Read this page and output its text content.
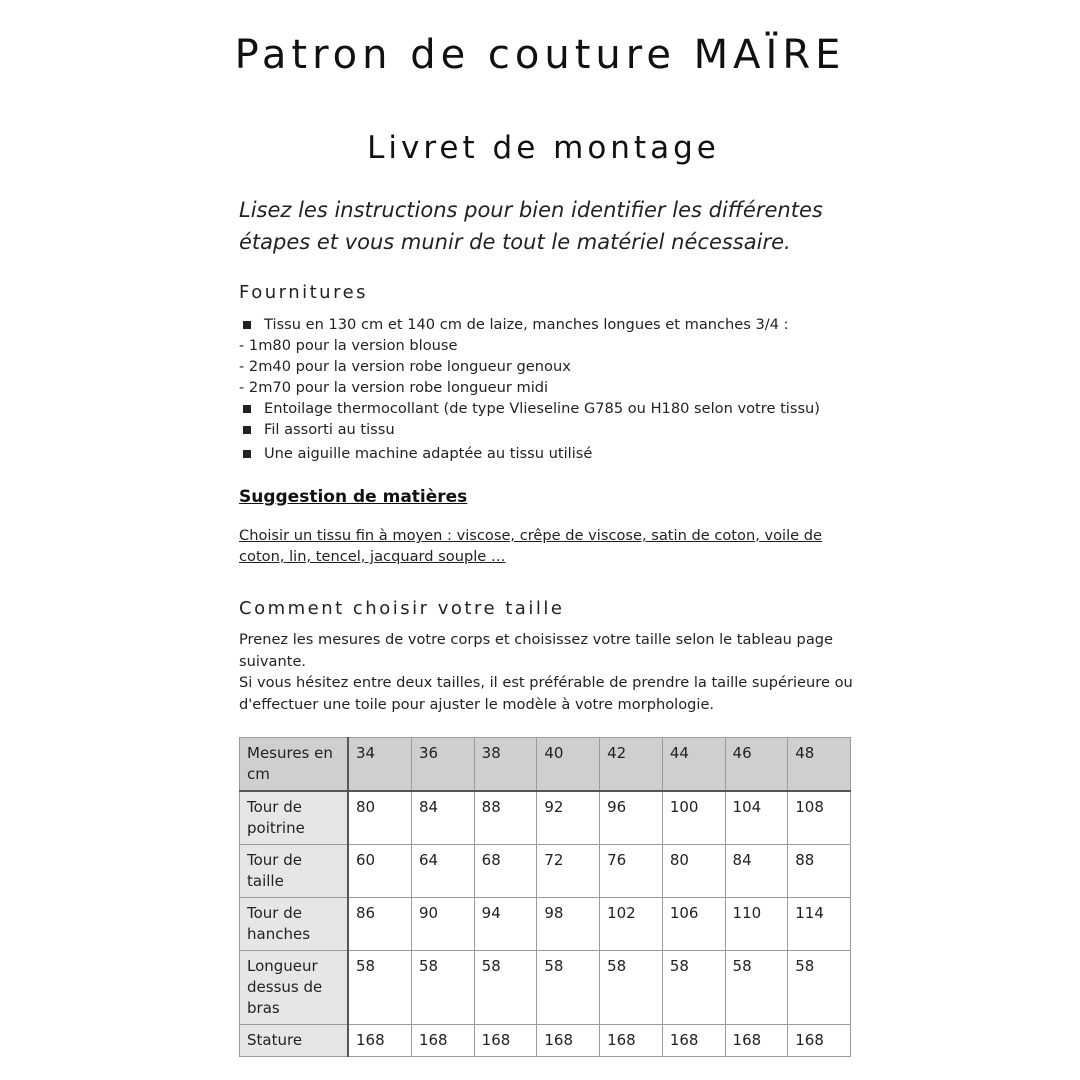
Patron de couture MAÏRE
Livret de montage
Lisez les instructions pour bien identifier les différentes étapes et vous munir de tout le matériel nécessaire.
Fournitures
Tissu en 130 cm et 140 cm de laize, manches longues et manches 3/4 :
- 1m80 pour la version blouse
- 2m40 pour la version robe longueur genoux
- 2m70 pour la version robe longueur midi
Entoilage thermocollant (de type Vlieseline G785 ou H180 selon votre tissu)
Fil assorti au tissu
Une aiguille machine adaptée au tissu utilisé
Suggestion de matières
Choisir un tissu fin à moyen : viscose, crêpe de viscose, satin de coton, voile de coton, lin, tencel, jacquard souple …
Comment choisir votre taille
Prenez les mesures de votre corps et choisissez votre taille selon le tableau page suivante.
Si vous hésitez entre deux tailles, il est préférable de prendre la taille supérieure ou d'effectuer une toile pour ajuster le modèle à votre morphologie.
Mesures en cm	34	36	38	40	42	44	46	48
Tour de poitrine	80	84	88	92	96	100	104	108
Tour de taille	60	64	68	72	76	80	84	88
Tour de hanches	86	90	94	98	102	106	110	114
Longueur dessus de bras	58	58	58	58	58	58	58	58
Stature	168	168	168	168	168	168	168	168
